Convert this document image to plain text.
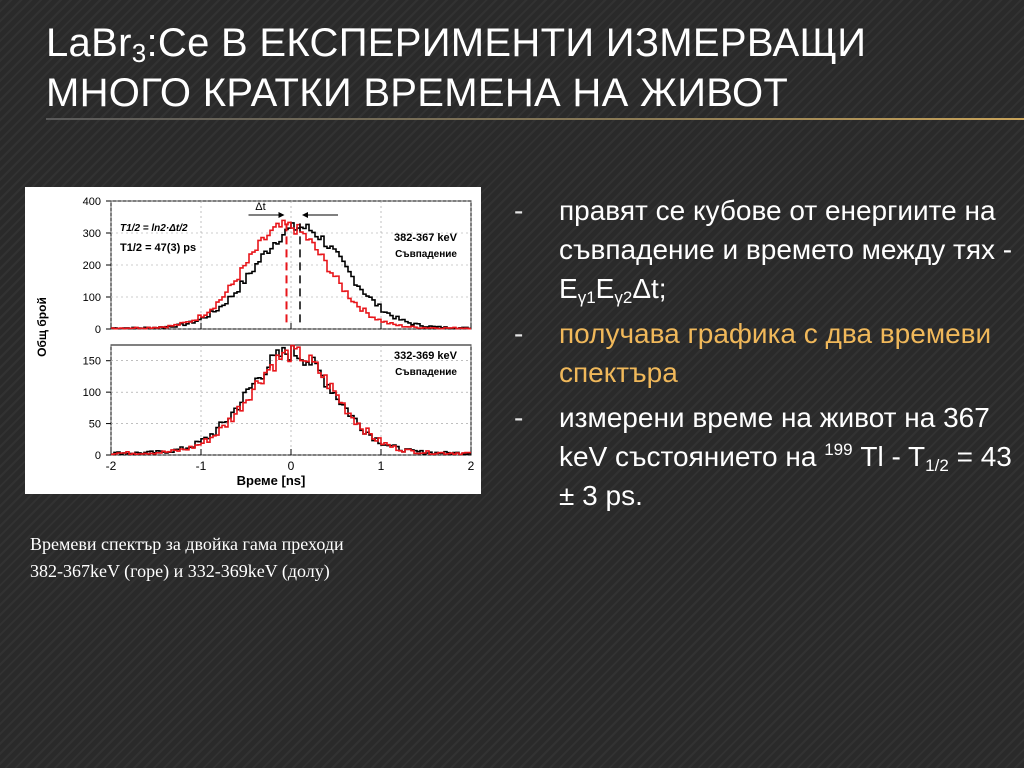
LaBr$_3$:Ce В ЕКСПЕРИМЕНТИ ИЗМЕРВАЩИ
МНОГО КРАТКИ ВРЕМЕНА НА ЖИВОТ
0
100
200
300
400
382-367 keV
Съвпадение
Δt
T1/2 = ln2·Δt/2
T1/2 = 47(3) ps
0
50
100
150	332-369 keV
Съвпадение
-2	-1	0	1	2
Общ брой
Време [ns]
Времеви спектър за двойка гама преходи
382-367keV (горе) и 332-369keV (долу)
- правят се кубове от енергиите на съвпадение и времето между тях - $E_{\gamma 1}E_{\gamma 2}\Delta t$;
- получава графика с два времеви спектъра
- измерени време на живот на 367 keV състоянието на $^{199}$ $Tl - T_{1/2} = 43 \pm 3$ ps.
